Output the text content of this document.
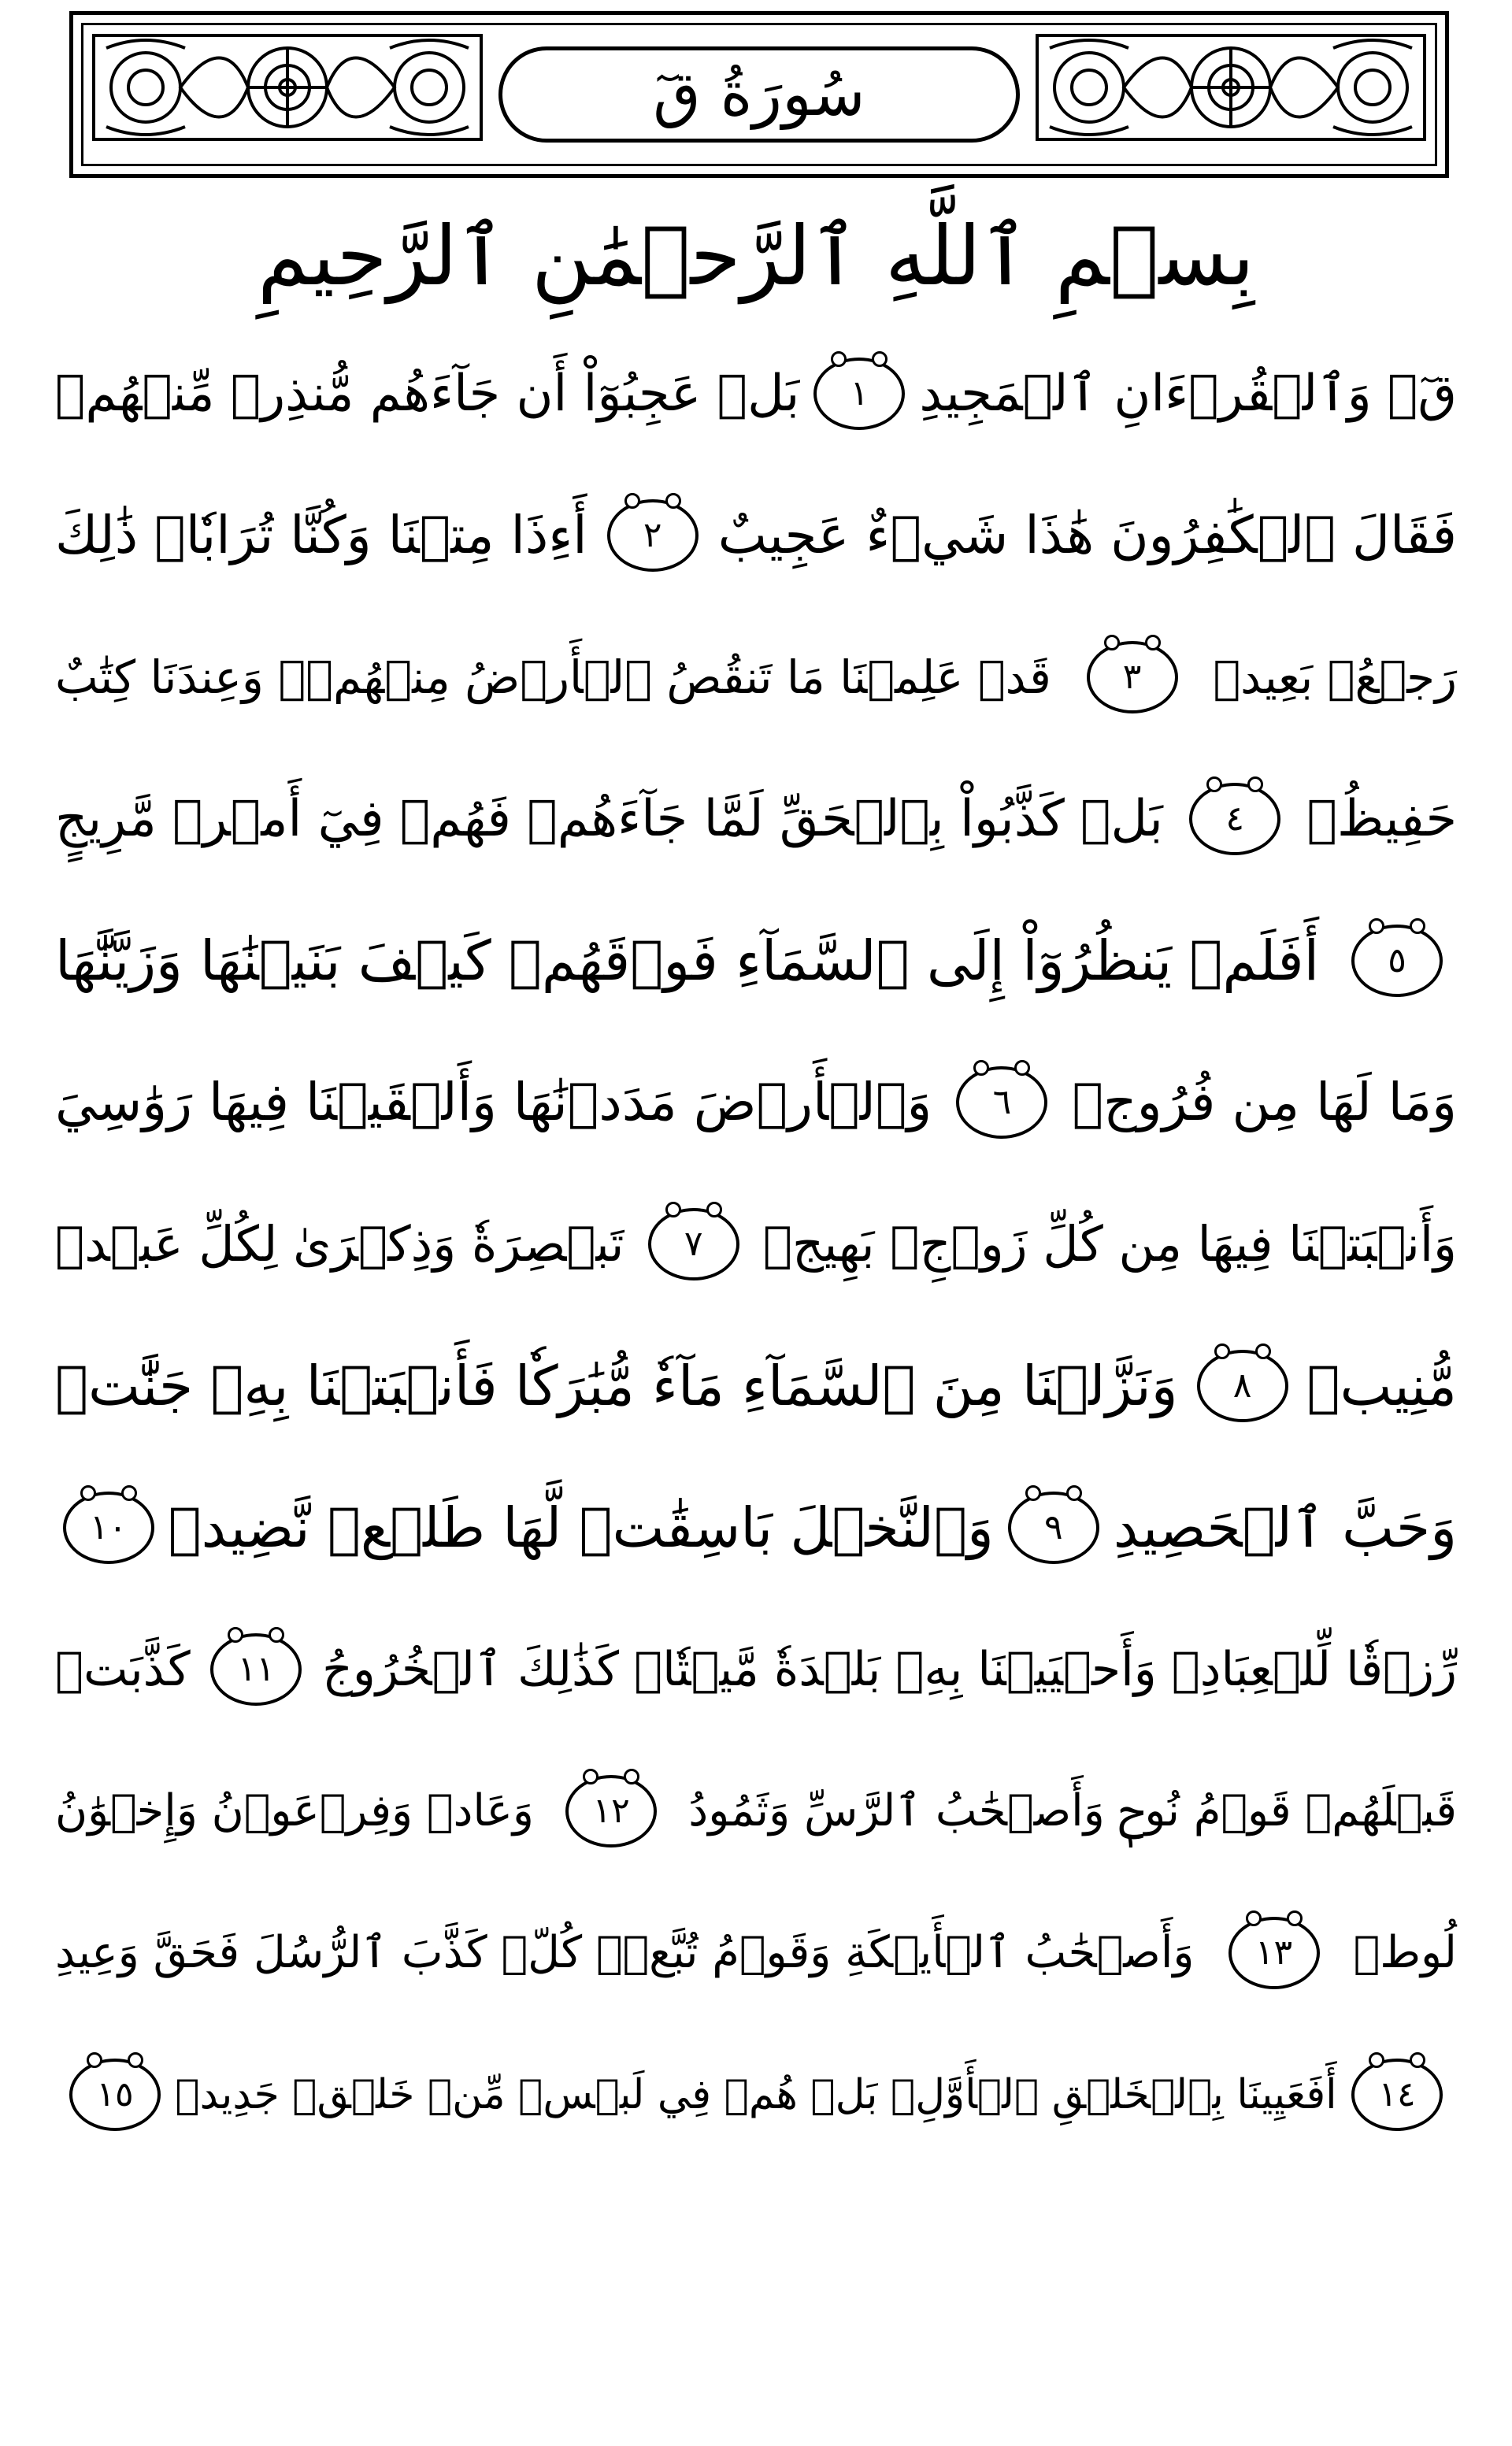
سُورَةُ قٓ
بِسۡمِ ٱللَّهِ ٱلرَّحۡمَٰنِ ٱلرَّحِيمِ
قٓۚ وَٱلۡقُرۡءَانِ ٱلۡمَجِيدِ
١
بَلۡ عَجِبُوٓاْ أَن جَآءَهُم مُّنذِرٞ مِّنۡهُمۡ
فَقَالَ ٱلۡكَٰفِرُونَ هَٰذَا شَيۡءٌ عَجِيبٌ
٢
أَءِذَا مِتۡنَا وَكُنَّا تُرَابٗاۖ ذَٰلِكَ
رَجۡعُۢ بَعِيدٞ
٣
قَدۡ عَلِمۡنَا مَا تَنقُصُ ٱلۡأَرۡضُ مِنۡهُمۡۖ وَعِندَنَا كِتَٰبٌ
حَفِيظُۢ
٤
بَلۡ كَذَّبُواْ بِٱلۡحَقِّ لَمَّا جَآءَهُمۡ فَهُمۡ فِيٓ أَمۡرٖ مَّرِيجٍ
٥
أَفَلَمۡ يَنظُرُوٓاْ إِلَى ٱلسَّمَآءِ فَوۡقَهُمۡ كَيۡفَ بَنَيۡنَٰهَا وَزَيَّنَّٰهَا
وَمَا لَهَا مِن فُرُوجٖ
٦
وَٱلۡأَرۡضَ مَدَدۡنَٰهَا وَأَلۡقَيۡنَا فِيهَا رَوَٰسِيَ
وَأَنۢبَتۡنَا فِيهَا مِن كُلِّ زَوۡجِۢ بَهِيجٖ
٧
تَبۡصِرَةٗ وَذِكۡرَىٰ لِكُلِّ عَبۡدٖ
مُّنِيبٖ
٨
وَنَزَّلۡنَا مِنَ ٱلسَّمَآءِ مَآءٗ مُّبَٰرَكٗا فَأَنۢبَتۡنَا بِهِۦ جَنَّٰتٖ
وَحَبَّ ٱلۡحَصِيدِ
٩
وَٱلنَّخۡلَ بَاسِقَٰتٖ لَّهَا طَلۡعٞ نَّضِيدٞ
١٠
رِّزۡقٗا لِّلۡعِبَادِۖ وَأَحۡيَيۡنَا بِهِۦ بَلۡدَةٗ مَّيۡتٗاۚ كَذَٰلِكَ ٱلۡخُرُوجُ
١١
كَذَّبَتۡ
قَبۡلَهُمۡ قَوۡمُ نُوحٖ وَأَصۡحَٰبُ ٱلرَّسِّ وَثَمُودُ
١٢
وَعَادٞ وَفِرۡعَوۡنُ وَإِخۡوَٰنُ
لُوطٖ
١٣
وَأَصۡحَٰبُ ٱلۡأَيۡكَةِ وَقَوۡمُ تُبَّعٖۚ كُلّٞ كَذَّبَ ٱلرُّسُلَ فَحَقَّ وَعِيدِ
١٤
أَفَعَيِينَا بِٱلۡخَلۡقِ ٱلۡأَوَّلِۚ بَلۡ هُمۡ فِي لَبۡسٖ مِّنۡ خَلۡقٖ جَدِيدٖ
١٥
